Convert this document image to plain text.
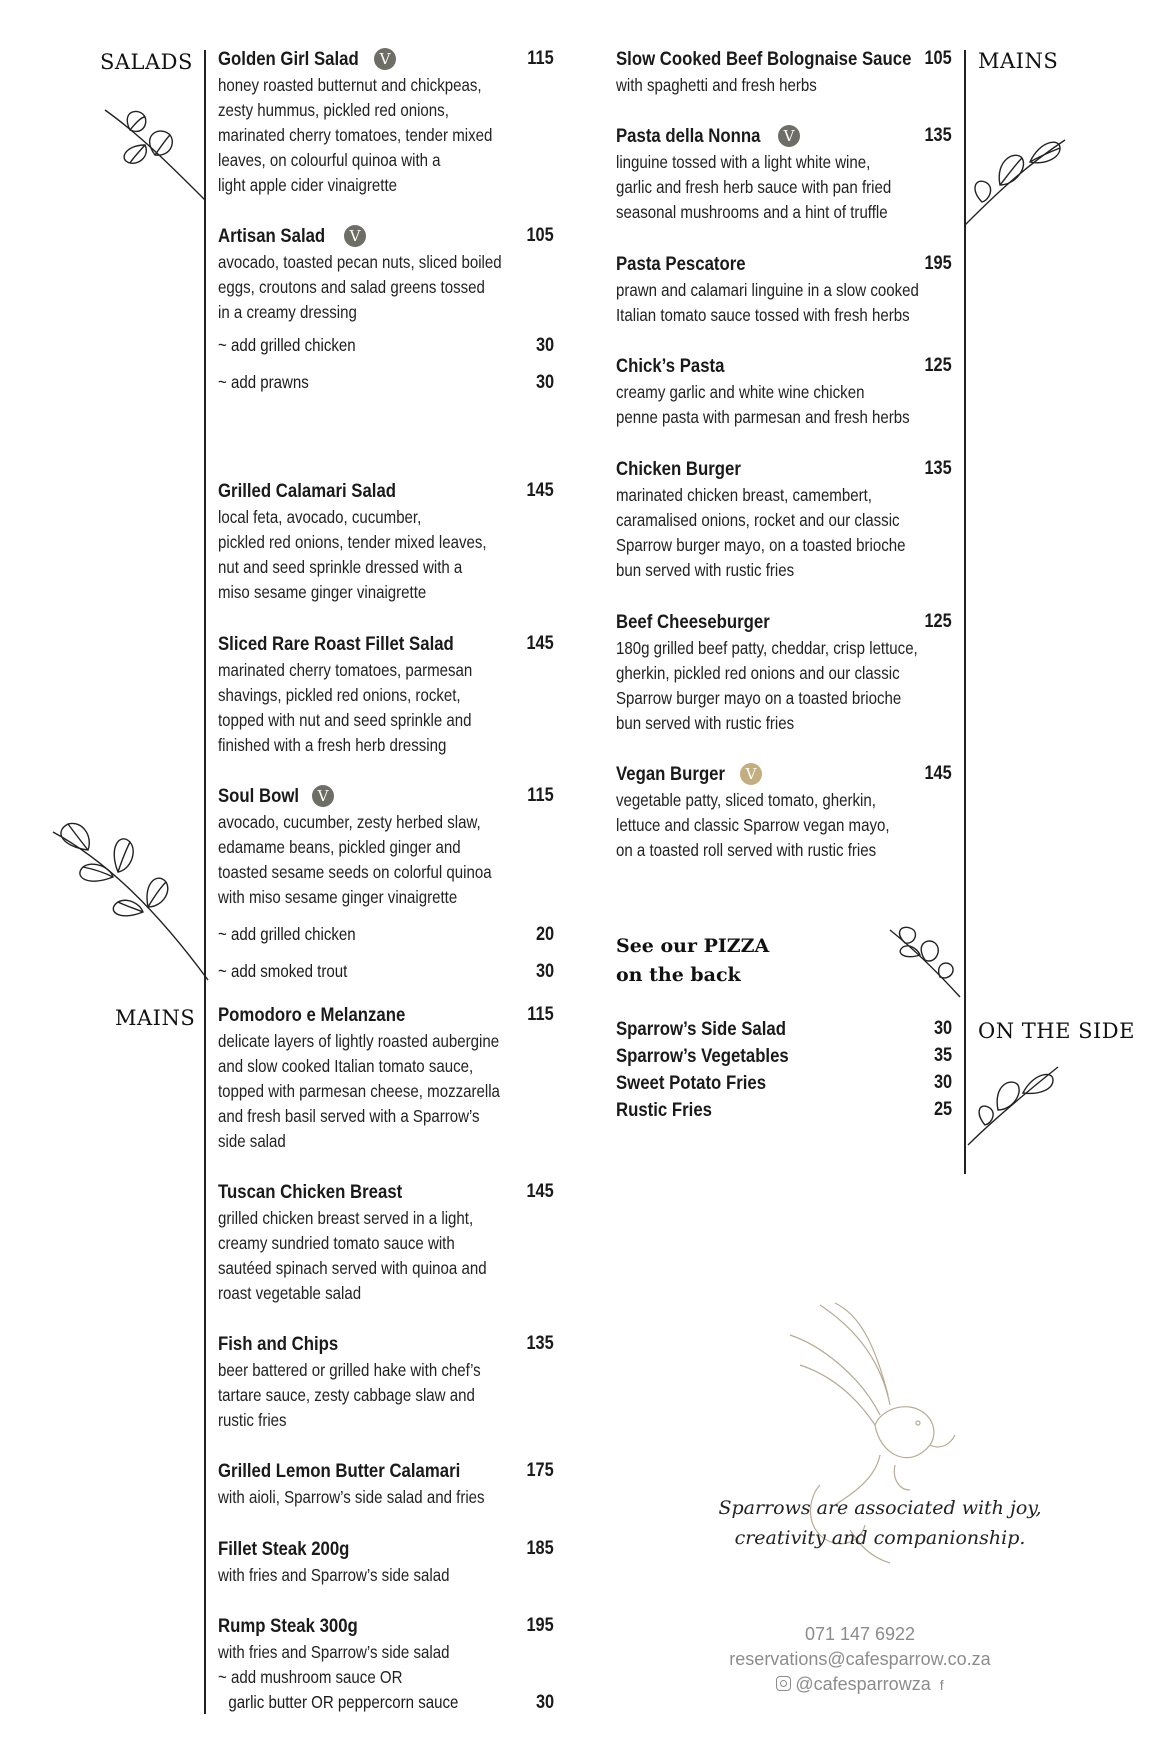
SALADS
MAINS
MAINS
ON THE SIDE
Golden Girl Salad	V	115
honey roasted butternut and chickpeas,
zesty hummus, pickled red onions,
marinated cherry tomatoes, tender mixed
leaves, on colourful quinoa with a
light apple cider vinaigrette
Artisan Salad	V	105
avocado, toasted pecan nuts, sliced boiled
eggs, croutons and salad greens tossed
in a creamy dressing
~ add grilled chicken	30
~ add prawns	30
Grilled Calamari Salad	145
local feta, avocado, cucumber,
pickled red onions, tender mixed leaves,
nut and seed sprinkle dressed with a
miso sesame ginger vinaigrette
Sliced Rare Roast Fillet Salad	145
marinated cherry tomatoes, parmesan
shavings, pickled red onions, rocket,
topped with nut and seed sprinkle and
finished with a fresh herb dressing
Soul Bowl	V	115
avocado, cucumber, zesty herbed slaw,
edamame beans, pickled ginger and
toasted sesame seeds on colorful quinoa
with miso sesame ginger vinaigrette
~ add grilled chicken	20
~ add smoked trout	30
Pomodoro e Melanzane	115
delicate layers of lightly roasted aubergine
and slow cooked Italian tomato sauce,
topped with parmesan cheese, mozzarella
and fresh basil served with a Sparrow’s
side salad
Tuscan Chicken Breast	145
grilled chicken breast served in a light,
creamy sundried tomato sauce with
sautéed spinach served with quinoa and
roast vegetable salad
Fish and Chips	135
beer battered or grilled hake with chef’s
tartare sauce, zesty cabbage slaw and
rustic fries
Grilled Lemon Butter Calamari	175
with aioli, Sparrow’s side salad and fries
Fillet Steak 200g	185
with fries and Sparrow’s side salad
Rump Steak 300g	195
with fries and Sparrow’s side salad
~ add mushroom sauce OR
garlic butter OR peppercorn sauce	30
Slow Cooked Beef Bolognaise Sauce 105
with spaghetti and fresh herbs
Pasta della Nonna	V	135
linguine tossed with a light white wine,
garlic and fresh herb sauce with pan fried
seasonal mushrooms and a hint of truffle
Pasta Pescatore	195
prawn and calamari linguine in a slow cooked
Italian tomato sauce tossed with fresh herbs
Chick’s Pasta	125
creamy garlic and white wine chicken
penne pasta with parmesan and fresh herbs
Chicken Burger	135
marinated chicken breast, camembert,
caramalised onions, rocket and our classic
Sparrow burger mayo, on a toasted brioche
bun served with rustic fries
Beef Cheeseburger	125
180g grilled beef patty, cheddar, crisp lettuce,
gherkin, pickled red onions and our classic
Sparrow burger mayo on a toasted brioche
bun served with rustic fries
Vegan Burger	V	145
vegetable patty, sliced tomato, gherkin,
lettuce and classic Sparrow vegan mayo,
on a toasted roll served with rustic fries
See our PIZZA
on the back
Sparrow’s Side Salad	30
Sparrow’s Vegetables	35
Sweet Potato Fries	30
Rustic Fries	25
Sparrows are associated with joy,
creativity and companionship.
071 147 6922
reservations@cafesparrow.co.za
@cafesparrowza f
